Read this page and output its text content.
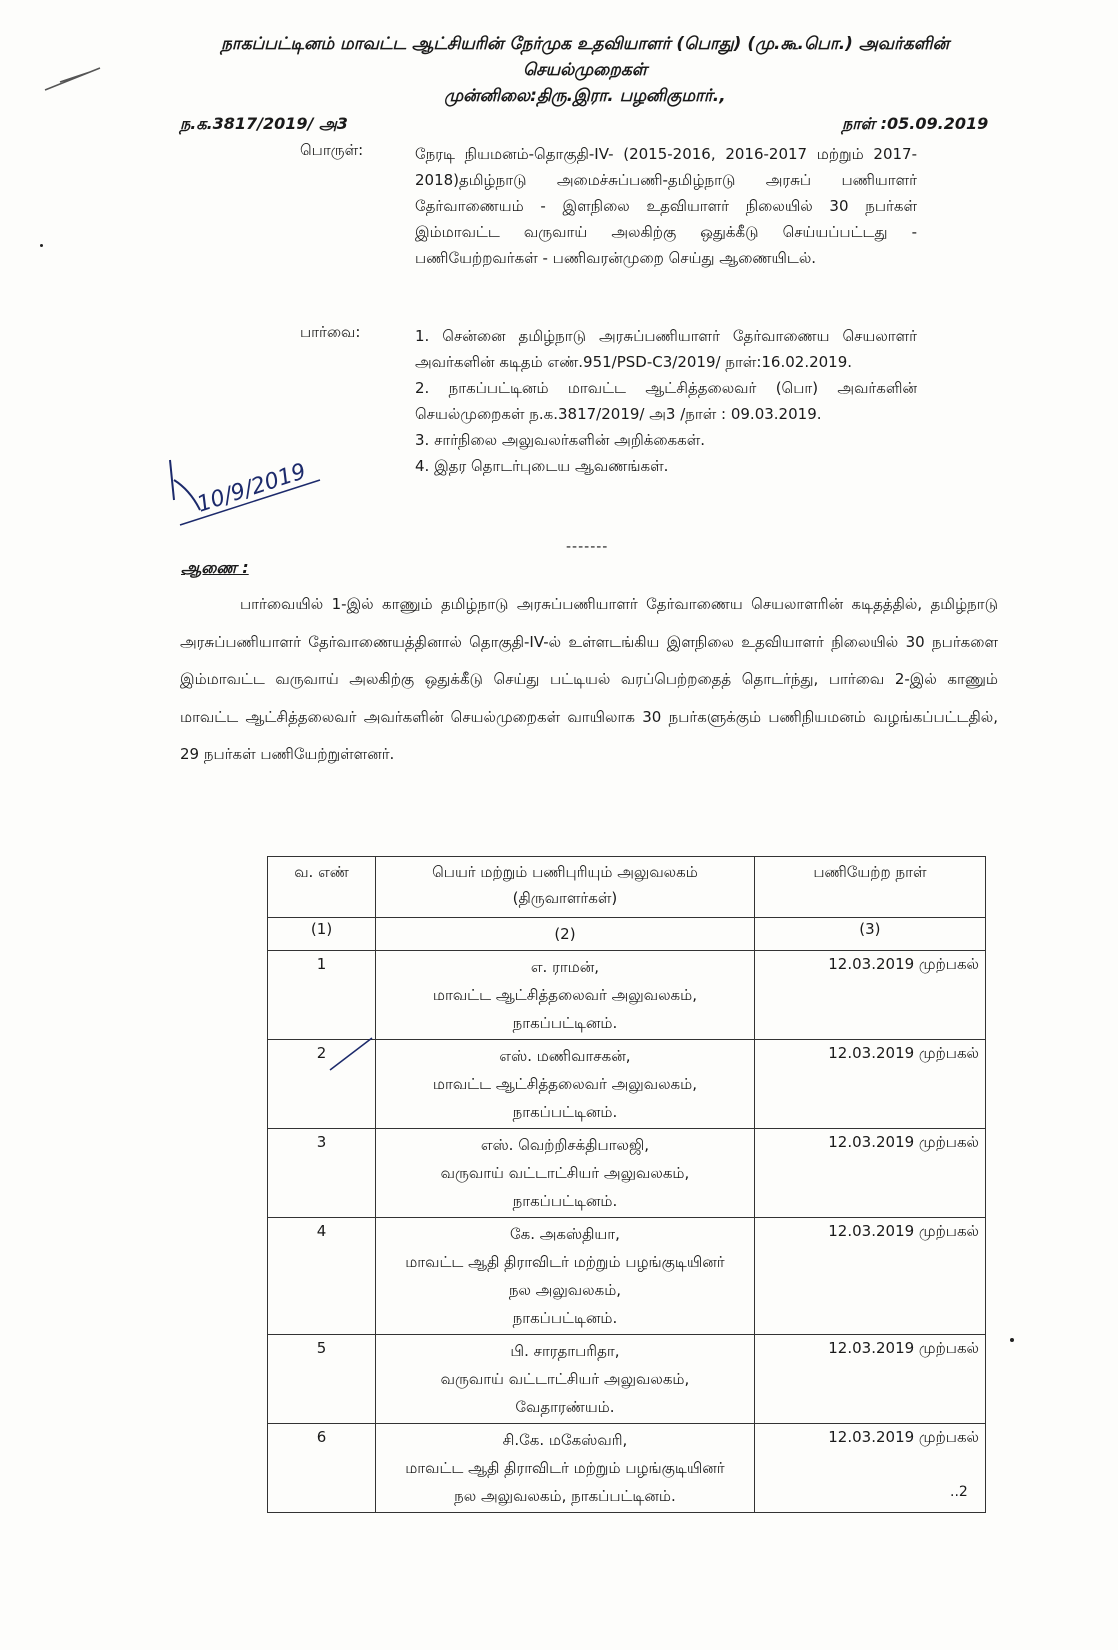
நாகப்பட்டினம் மாவட்ட ஆட்சியரின் நேர்முக உதவியாளர் (பொது) (மு.கூ.பொ.) அவர்களின்
செயல்முறைகள்
முன்னிலை:திரு.இரா. பழனிகுமார்.,
ந.க.3817/2019/ அ3	நாள் :05.09.2019
பொருள்:	நேரடி நியமனம்-தொகுதி-IV- (2015-2016, 2016-2017 மற்றும் 2017-2018)தமிழ்நாடு அமைச்சுப்பணி-தமிழ்நாடு அரசுப் பணியாளர் தேர்வாணையம் - இளநிலை உதவியாளர் நிலையில் 30 நபர்கள் இம்மாவட்ட வருவாய் அலகிற்கு ஒதுக்கீடு செய்யப்பட்டது - பணியேற்றவர்கள் - பணிவரன்முறை செய்து ஆணையிடல்.
பார்வை:	1. சென்னை தமிழ்நாடு அரசுப்பணியாளர் தேர்வாணைய செயலாளர் அவர்களின் கடிதம் எண்.951/PSD-C3/2019/ நாள்:16.02.2019.

2. நாகப்பட்டினம் மாவட்ட ஆட்சித்தலைவர் (பொ) அவர்களின் செயல்முறைகள் ந.க.3817/2019/ அ3 /நாள் : 09.03.2019.

3. சார்நிலை அலுவலர்களின் அறிக்கைகள்.

4. இதர தொடர்புடைய ஆவணங்கள்.

-------
10/9/2019
ஆணை :
பார்வையில் 1-இல் காணும் தமிழ்நாடு அரசுப்பணியாளர் தேர்வாணைய செயலாளரின் கடிதத்தில், தமிழ்நாடு அரசுப்பணியாளர் தேர்வாணையத்தினால் தொகுதி-IV-ல் உள்ளடங்கிய இளநிலை உதவியாளர் நிலையில் 30 நபர்களை இம்மாவட்ட வருவாய் அலகிற்கு ஒதுக்கீடு செய்து பட்டியல் வரப்பெற்றதைத் தொடர்ந்து, பார்வை 2-இல் காணும் மாவட்ட ஆட்சித்தலைவர் அவர்களின் செயல்முறைகள் வாயிலாக 30 நபர்களுக்கும் பணிநியமனம் வழங்கப்பட்டதில், 29 நபர்கள் பணியேற்றுள்ளனர்.
வ. எண்	பெயர் மற்றும் பணிபுரியும் அலுவலகம் (திருவாளர்கள்)	பணியேற்ற நாள்
(1)	(2)	(3)
1	எ. ராமன்,
மாவட்ட ஆட்சித்தலைவர் அலுவலகம்,
நாகப்பட்டினம்.	12.03.2019 முற்பகல்
2	எஸ். மணிவாசகன்,
மாவட்ட ஆட்சித்தலைவர் அலுவலகம்,
நாகப்பட்டினம்.	12.03.2019 முற்பகல்
3	எஸ். வெற்றிசக்திபாலஜி,
வருவாய் வட்டாட்சியர் அலுவலகம்,
நாகப்பட்டினம்.	12.03.2019 முற்பகல்
4	கே. அகஸ்தியா,
மாவட்ட ஆதி திராவிடர் மற்றும் பழங்குடியினர்
நல அலுவலகம்,
நாகப்பட்டினம்.	12.03.2019 முற்பகல்
5	பி. சாரதாபரிதா,
வருவாய் வட்டாட்சியர் அலுவலகம்,
வேதாரண்யம்.	12.03.2019 முற்பகல்
6	சி.கே. மகேஸ்வரி,
மாவட்ட ஆதி திராவிடர் மற்றும் பழங்குடியினர்
நல அலுவலகம், நாகப்பட்டினம்.	12.03.2019 முற்பகல்
..2
